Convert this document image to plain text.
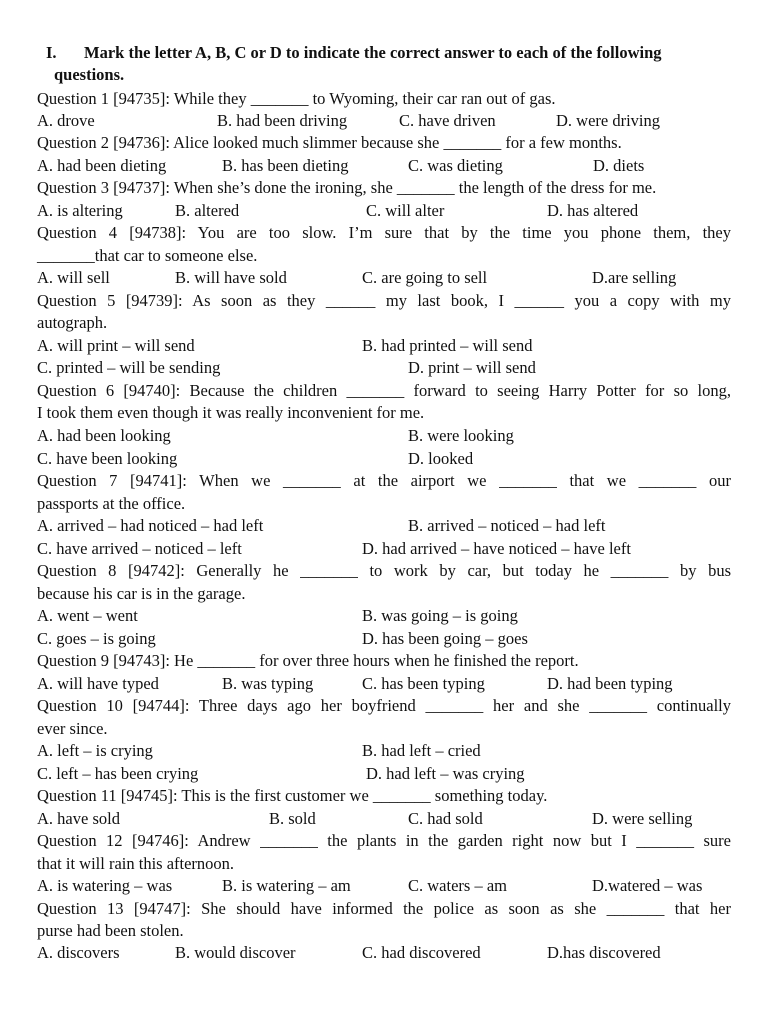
I.	Mark the letter A, B, C or D to indicate the correct answer to each of the following
questions.
Question 1 [94735]: While they _______ to Wyoming, their car ran out of gas.
A. drove	B. had been driving	C. have driven	D. were driving
Question 2 [94736]: Alice looked much slimmer because she _______ for a few months.
A. had been dieting	B. has been dieting	C. was dieting	D. diets
Question 3 [94737]: When she’s done the ironing, she _______ the length of the dress for me.
A. is altering	B. altered	C. will alter	D. has altered
Question 4 [94738]: You are too slow. I’m sure that by the time you phone them, they
_______that car to someone else.
A. will sell	B. will have sold	C. are going to sell	D.are selling
Question 5 [94739]: As soon as they ______ my last book, I ______ you a copy with my
autograph.
A. will print – will send	B. had printed – will send
C. printed – will be sending	D. print – will send
Question 6 [94740]: Because the children _______ forward to seeing Harry Potter for so long,
I took them even though it was really inconvenient for me.
A. had been looking	B. were looking
C. have been looking	D. looked
Question 7 [94741]: When we _______ at the airport we _______ that we _______ our
passports at the office.
A. arrived – had noticed – had left	B. arrived – noticed – had left
C. have arrived – noticed – left	D. had arrived – have noticed – have left
Question 8 [94742]: Generally he _______ to work by car, but today he _______ by bus
because his car is in the garage.
A. went – went	B. was going – is going
C. goes – is going	D. has been going – goes
Question 9 [94743]: He _______ for over three hours when he finished the report.
A. will have typed	B. was typing	C. has been typing	D. had been typing
Question 10 [94744]: Three days ago her boyfriend _______ her and she _______ continually
ever since.
A. left – is crying	B. had left – cried
C. left – has been crying	D. had left – was crying
Question 11 [94745]: This is the first customer we _______ something today.
A. have sold	B. sold	C. had sold	D. were selling
Question 12 [94746]: Andrew _______ the plants in the garden right now but I _______ sure
that it will rain this afternoon.
A. is watering – was	B. is watering – am	C. waters – am	D.watered – was
Question 13 [94747]: She should have informed the police as soon as she _______ that her
purse had been stolen.
A. discovers	B. would discover	C. had discovered	D.has discovered
